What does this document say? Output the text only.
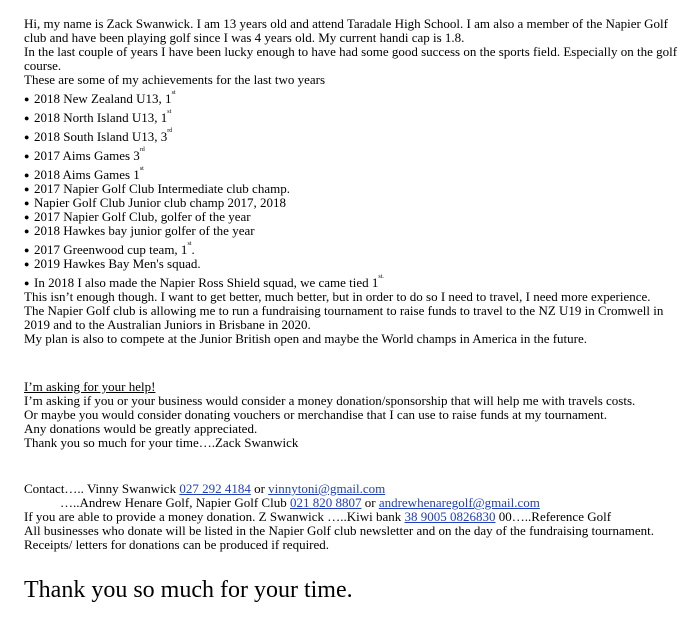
Hi, my name is Zack Swanwick. I am 13 years old and attend Taradale High School. I am also a member of the Napier Golf club and have been playing golf since I was 4 years old. My current handi cap is 1.8.

In the last couple of years I have been lucky enough to have had some good success on the sports field. Especially on the golf course.

These are some of my achievements for the last two years

● 2018 New Zealand U13, 1st
● 2018 North Island U13, 1st
● 2018 South Island U13, 3rd
● 2017 Aims Games 3rd
● 2018 Aims Games 1st
● 2017 Napier Golf Club Intermediate club champ.
● Napier Golf Club Junior club champ 2017, 2018
● 2017 Napier Golf Club, golfer of the year
● 2018 Hawkes bay junior golfer of the year
● 2017 Greenwood cup team, 1st.
● 2019 Hawkes Bay Men's squad.
● In 2018 I also made the Napier Ross Shield squad, we came tied $1^{st.}$

This isn’t enough though. I want to get better, much better, but in order to do so I need to travel, I need more experience.

The Napier Golf club is allowing me to run a fundraising tournament to raise funds to travel to the NZ U19 in Cromwell in 2019 and to the Australian Juniors in Brisbane in 2020.

My plan is also to compete at the Junior British open and maybe the World champs in America in the future.

I’m asking for your help!

I’m asking if you or your business would consider a money donation/sponsorship that will help me with travels costs.

Or maybe you would consider donating vouchers or merchandise that I can use to raise funds at my tournament.

Any donations would be greatly appreciated.

Thank you so much for your time….Zack Swanwick

Contact….. Vinny Swanwick 027 292 4184 or vinnytoni@gmail.com

…..Andrew Henare Golf, Napier Golf Club 021 820 8807 or andrewhenaregolf@gmail.com

If you are able to provide a money donation. Z Swanwick …..Kiwi bank 38 9005 0826830 00…..Reference Golf

All businesses who donate will be listed in the Napier Golf club newsletter and on the day of the fundraising tournament.

Receipts/ letters for donations can be produced if required.

Thank you so much for your time.
